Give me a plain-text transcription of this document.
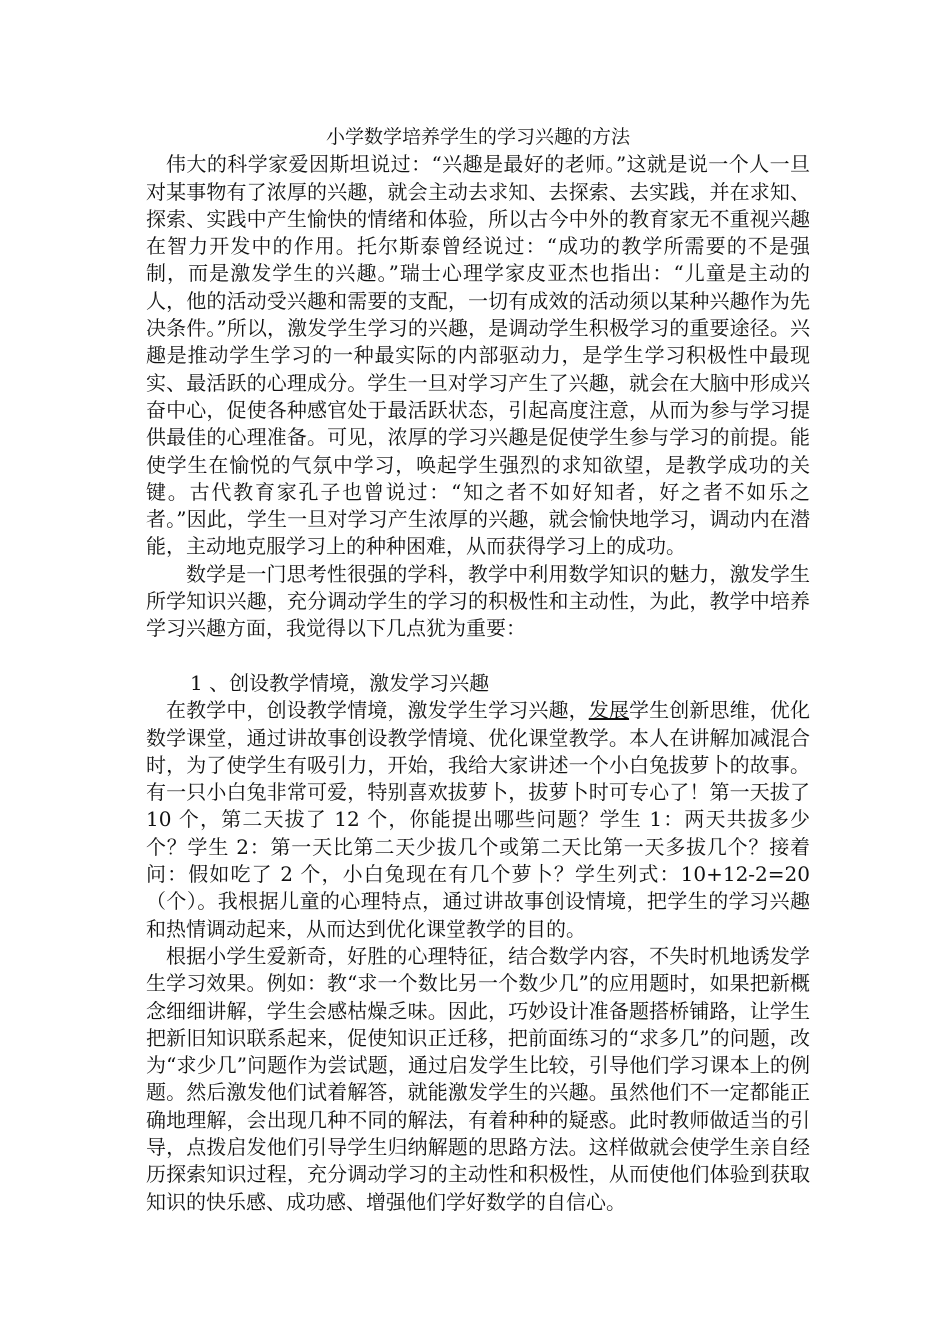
小学数学培养学生的学习兴趣的方法

伟大的科学家爱因斯坦说过：“兴趣是最好的老师。”这就是说一个人一旦对某事物有了浓厚的兴趣，就会主动去求知、去探索、去实践，并在求知、探索、实践中产生愉快的情绪和体验，所以古今中外的教育家无不重视兴趣在智力开发中的作用。托尔斯泰曾经说过：“成功的教学所需要的不是强制，而是激发学生的兴趣。”瑞士心理学家皮亚杰也指出：“儿童是主动的人，他的活动受兴趣和需要的支配，一切有成效的活动须以某种兴趣作为先决条件。”所以，激发学生学习的兴趣，是调动学生积极学习的重要途径。兴趣是推动学生学习的一种最实际的内部驱动力，是学生学习积极性中最现实、最活跃的心理成分。学生一旦对学习产生了兴趣，就会在大脑中形成兴奋中心，促使各种感官处于最活跃状态，引起高度注意，从而为参与学习提供最佳的心理准备。可见，浓厚的学习兴趣是促使学生参与学习的前提。能使学生在愉悦的气氛中学习，唤起学生强烈的求知欲望，是教学成功的关键。古代教育家孔子也曾说过：“知之者不如好知者，好之者不如乐之者。”因此，学生一旦对学习产生浓厚的兴趣，就会愉快地学习，调动内在潜能，主动地克服学习上的种种困难，从而获得学习上的成功。

数学是一门思考性很强的学科，教学中利用数学知识的魅力，激发学生所学知识兴趣，充分调动学生的学习的积极性和主动性，为此，教学中培养学习兴趣方面，我觉得以下几点犹为重要：

1 、创设教学情境，激发学习兴趣

在教学中，创设教学情境，激发学生学习兴趣，发展学生创新思维，优化数学课堂，通过讲故事创设教学情境、优化课堂教学。本人在讲解加减混合时，为了使学生有吸引力，开始，我给大家讲述一个小白兔拔萝卜的故事。有一只小白兔非常可爱，特别喜欢拔萝卜，拔萝卜时可专心了！第一天拔了 10 个，第二天拔了 12 个，你能提出哪些问题？学生 1：两天共拔多少个？学生 2：第一天比第二天少拔几个或第二天比第一天多拔几个？接着问：假如吃了 2 个，小白兔现在有几个萝卜？学生列式：10+12-2=20（个）。我根据儿童的心理特点，通过讲故事创设情境，把学生的学习兴趣和热情调动起来，从而达到优化课堂教学的目的。

根据小学生爱新奇，好胜的心理特征，结合数学内容，不失时机地诱发学生学习效果。例如：教“求一个数比另一个数少几”的应用题时，如果把新概念细细讲解，学生会感枯燥乏味。因此，巧妙设计准备题搭桥铺路，让学生把新旧知识联系起来，促使知识正迁移，把前面练习的“求多几”的问题，改为“求少几”问题作为尝试题，通过启发学生比较，引导他们学习课本上的例题。然后激发他们试着解答，就能激发学生的兴趣。虽然他们不一定都能正确地理解，会出现几种不同的解法，有着种种的疑惑。此时教师做适当的引导，点拨启发他们引导学生归纳解题的思路方法。这样做就会使学生亲自经历探索知识过程，充分调动学习的主动性和积极性，从而使他们体验到获取知识的快乐感、成功感、增强他们学好数学的自信心。
